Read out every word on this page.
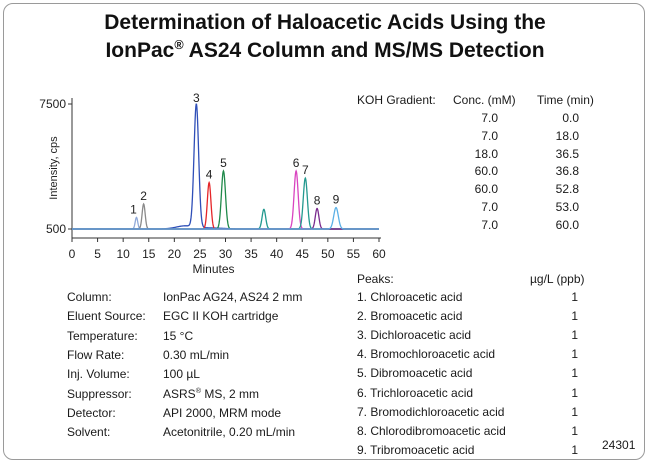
Determination of Haloacetic Acids Using the
IonPac® AS24 Column and MS/MS Detection
0 5 10 15 20 25 30 35 40 45 50 55 60
500
7500
Minutes
Intensity, cps
1
2
3
4
5	6
7
8 9
KOH Gradient: Conc. (mM) Time (min)
7.0	0.0
7.0	18.0
18.0	36.5
60.0	36.8
60.0	52.8
7.0	53.0
7.0	60.0
Column:	IonPac AG24, AS24 2 mm
Eluent Source: EGC II KOH cartridge
Temperature: 15 °C
Flow Rate:	0.30 mL/min
Inj. Volume:	100 µL
Suppressor:	ASRS® MS, 2 mm
Detector:	API 2000, MRM mode
Solvent:	Acetonitrile, 0.20 mL/min
Peaks:	µg/L (ppb)
1. Chloroacetic acid	1
2. Bromoacetic acid	1
3. Dichloroacetic acid	1
4. Bromochloroacetic acid	1
5. Dibromoacetic acid	1
6. Trichloroacetic acid	1
7. Bromodichloroacetic acid	1
8. Chlorodibromoacetic acid	1
9. Tribromoacetic acid	1 24301
